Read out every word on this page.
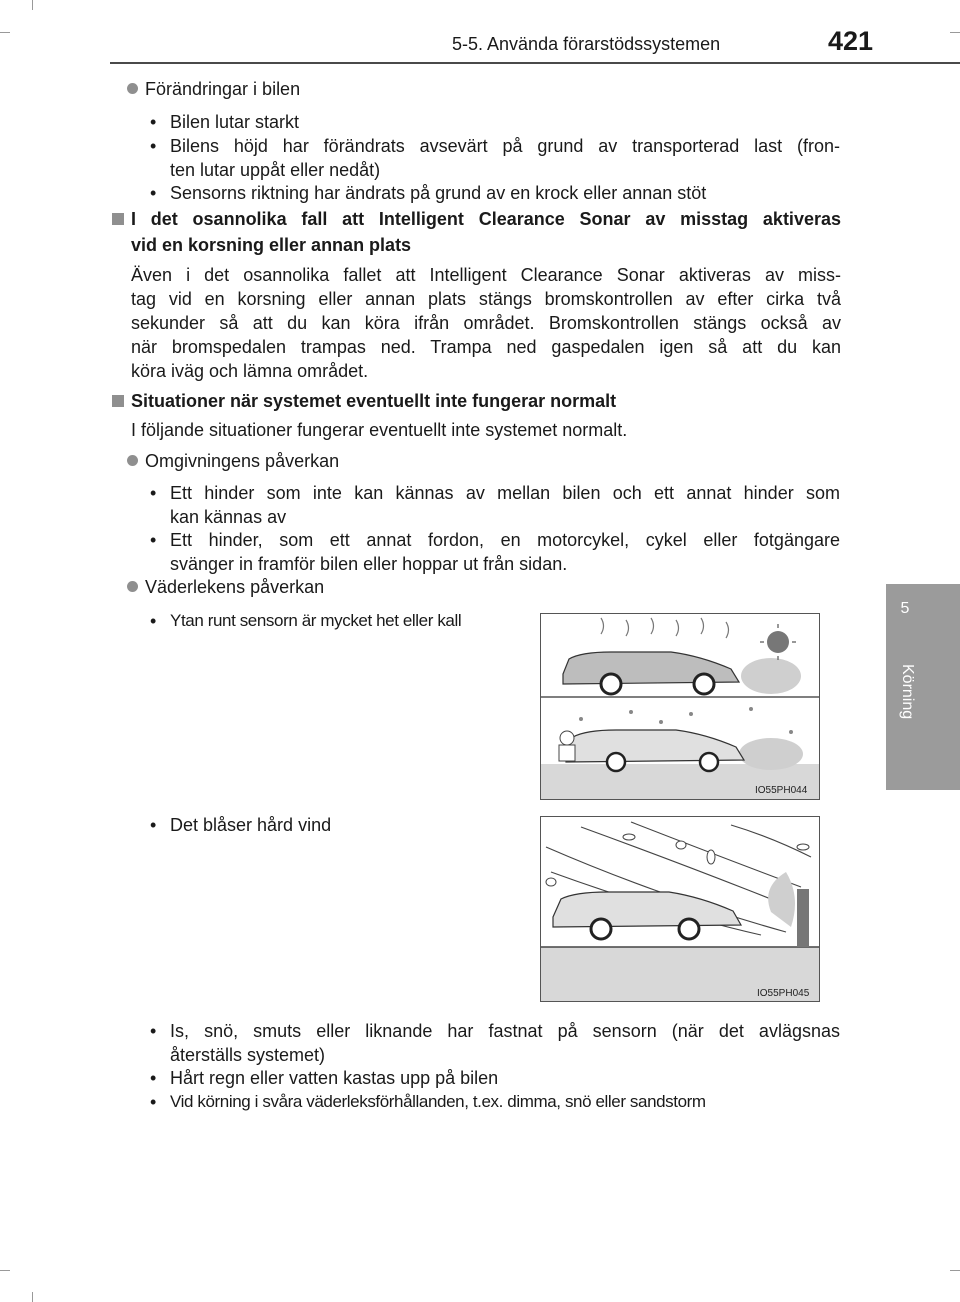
5-5. Använda förarstödssystemen	421
5
Körning
Förändringar i bilen
• Bilen lutar starkt
• Bilens höjd har förändrats avsevärt på grund av transporterad last (fron-
ten lutar uppåt eller nedåt)
• Sensorns riktning har ändrats på grund av en krock eller annan stöt
I det osannolika fall att Intelligent Clearance Sonar av misstag aktiveras
vid en korsning eller annan plats
Även i det osannolika fallet att Intelligent Clearance Sonar aktiveras av miss-
tag vid en korsning eller annan plats stängs bromskontrollen av efter cirka två
sekunder så att du kan köra ifrån området. Bromskontrollen stängs också av
när bromspedalen trampas ned. Trampa ned gaspedalen igen så att du kan
köra iväg och lämna området.
Situationer när systemet eventuellt inte fungerar normalt
I följande situationer fungerar eventuellt inte systemet normalt.
Omgivningens påverkan
• Ett hinder som inte kan kännas av mellan bilen och ett annat hinder som
kan kännas av
• Ett hinder, som ett annat fordon, en motorcykel, cykel eller fotgängare
svänger in framför bilen eller hoppar ut från sidan.
Väderlekens påverkan
• Ytan runt sensorn är mycket het eller kall
IO55PH044
• Det blåser hård vind
IO55PH045
• Is, snö, smuts eller liknande har fastnat på sensorn (när det avlägsnas
återställs systemet)
• Hårt regn eller vatten kastas upp på bilen
• Vid körning i svåra väderleksförhållanden, t.ex. dimma, snö eller sandstorm
